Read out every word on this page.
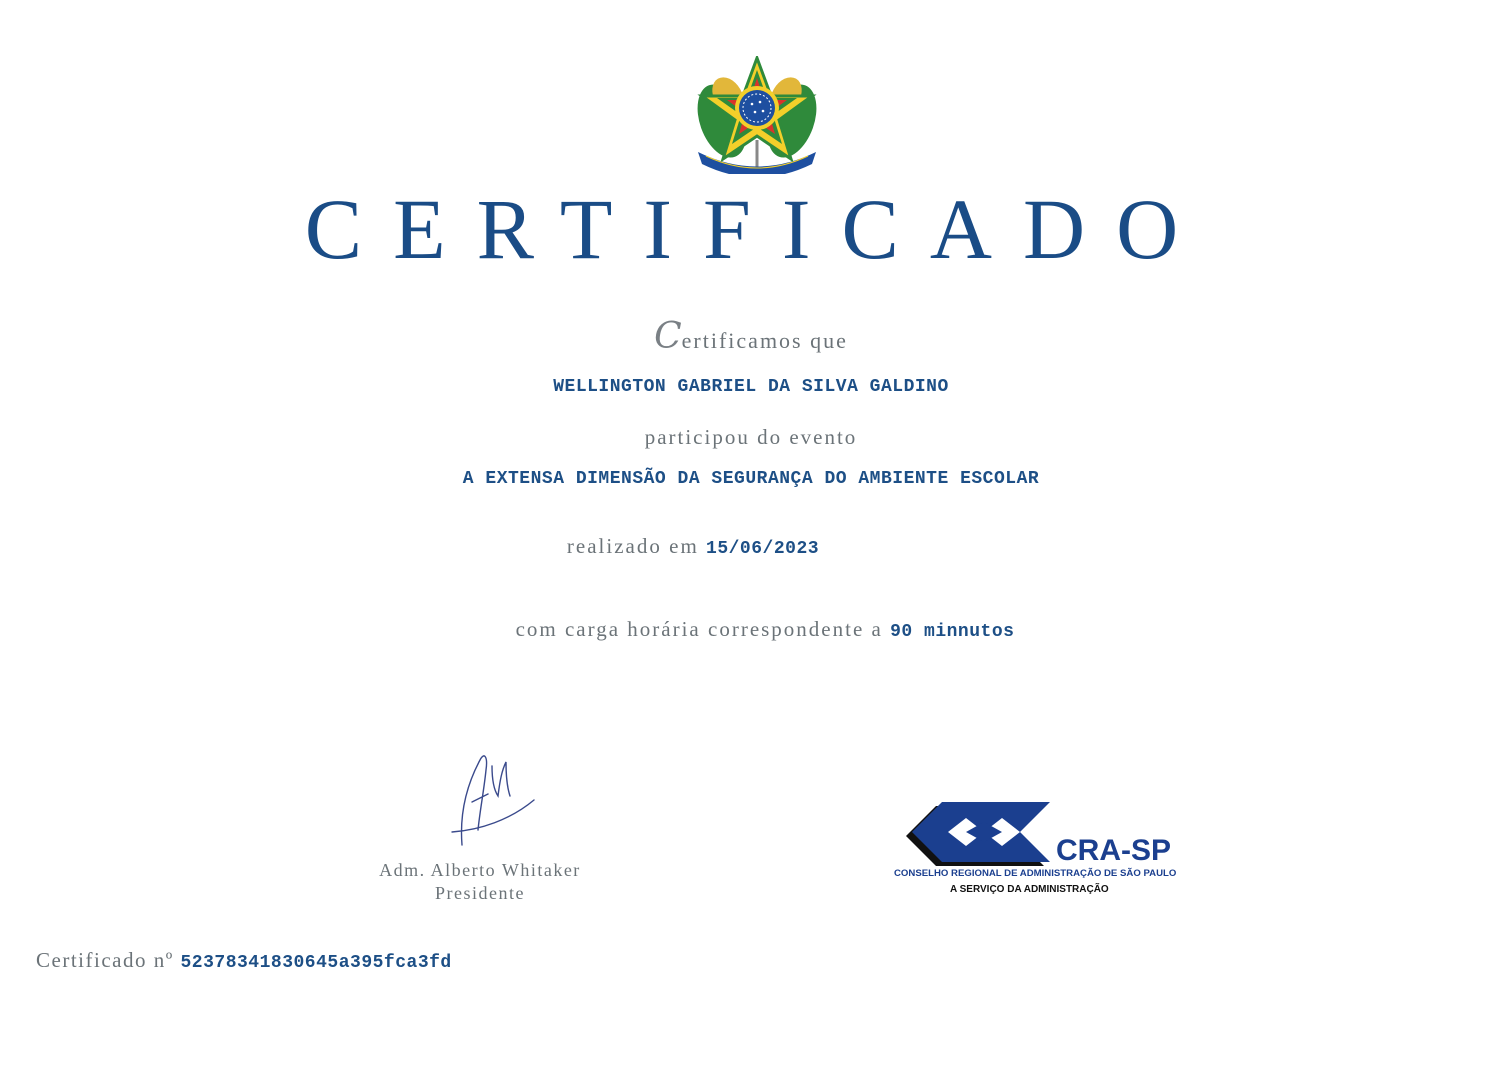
CERTIFICADO
Certificamos que
WELLINGTON GABRIEL DA SILVA GALDINO
participou do evento
A EXTENSA DIMENSÃO DA SEGURANÇA DO AMBIENTE ESCOLAR
realizado em 15/06/2023
com carga horária correspondente a 90 minnutos
Adm. Alberto Whitaker
Presidente
CRA-SP
CONSELHO REGIONAL DE ADMINISTRAÇÃO DE SÃO PAULO
A SERVIÇO DA ADMINISTRAÇÃO
Certificado nº 52378341830645a395fca3fd
